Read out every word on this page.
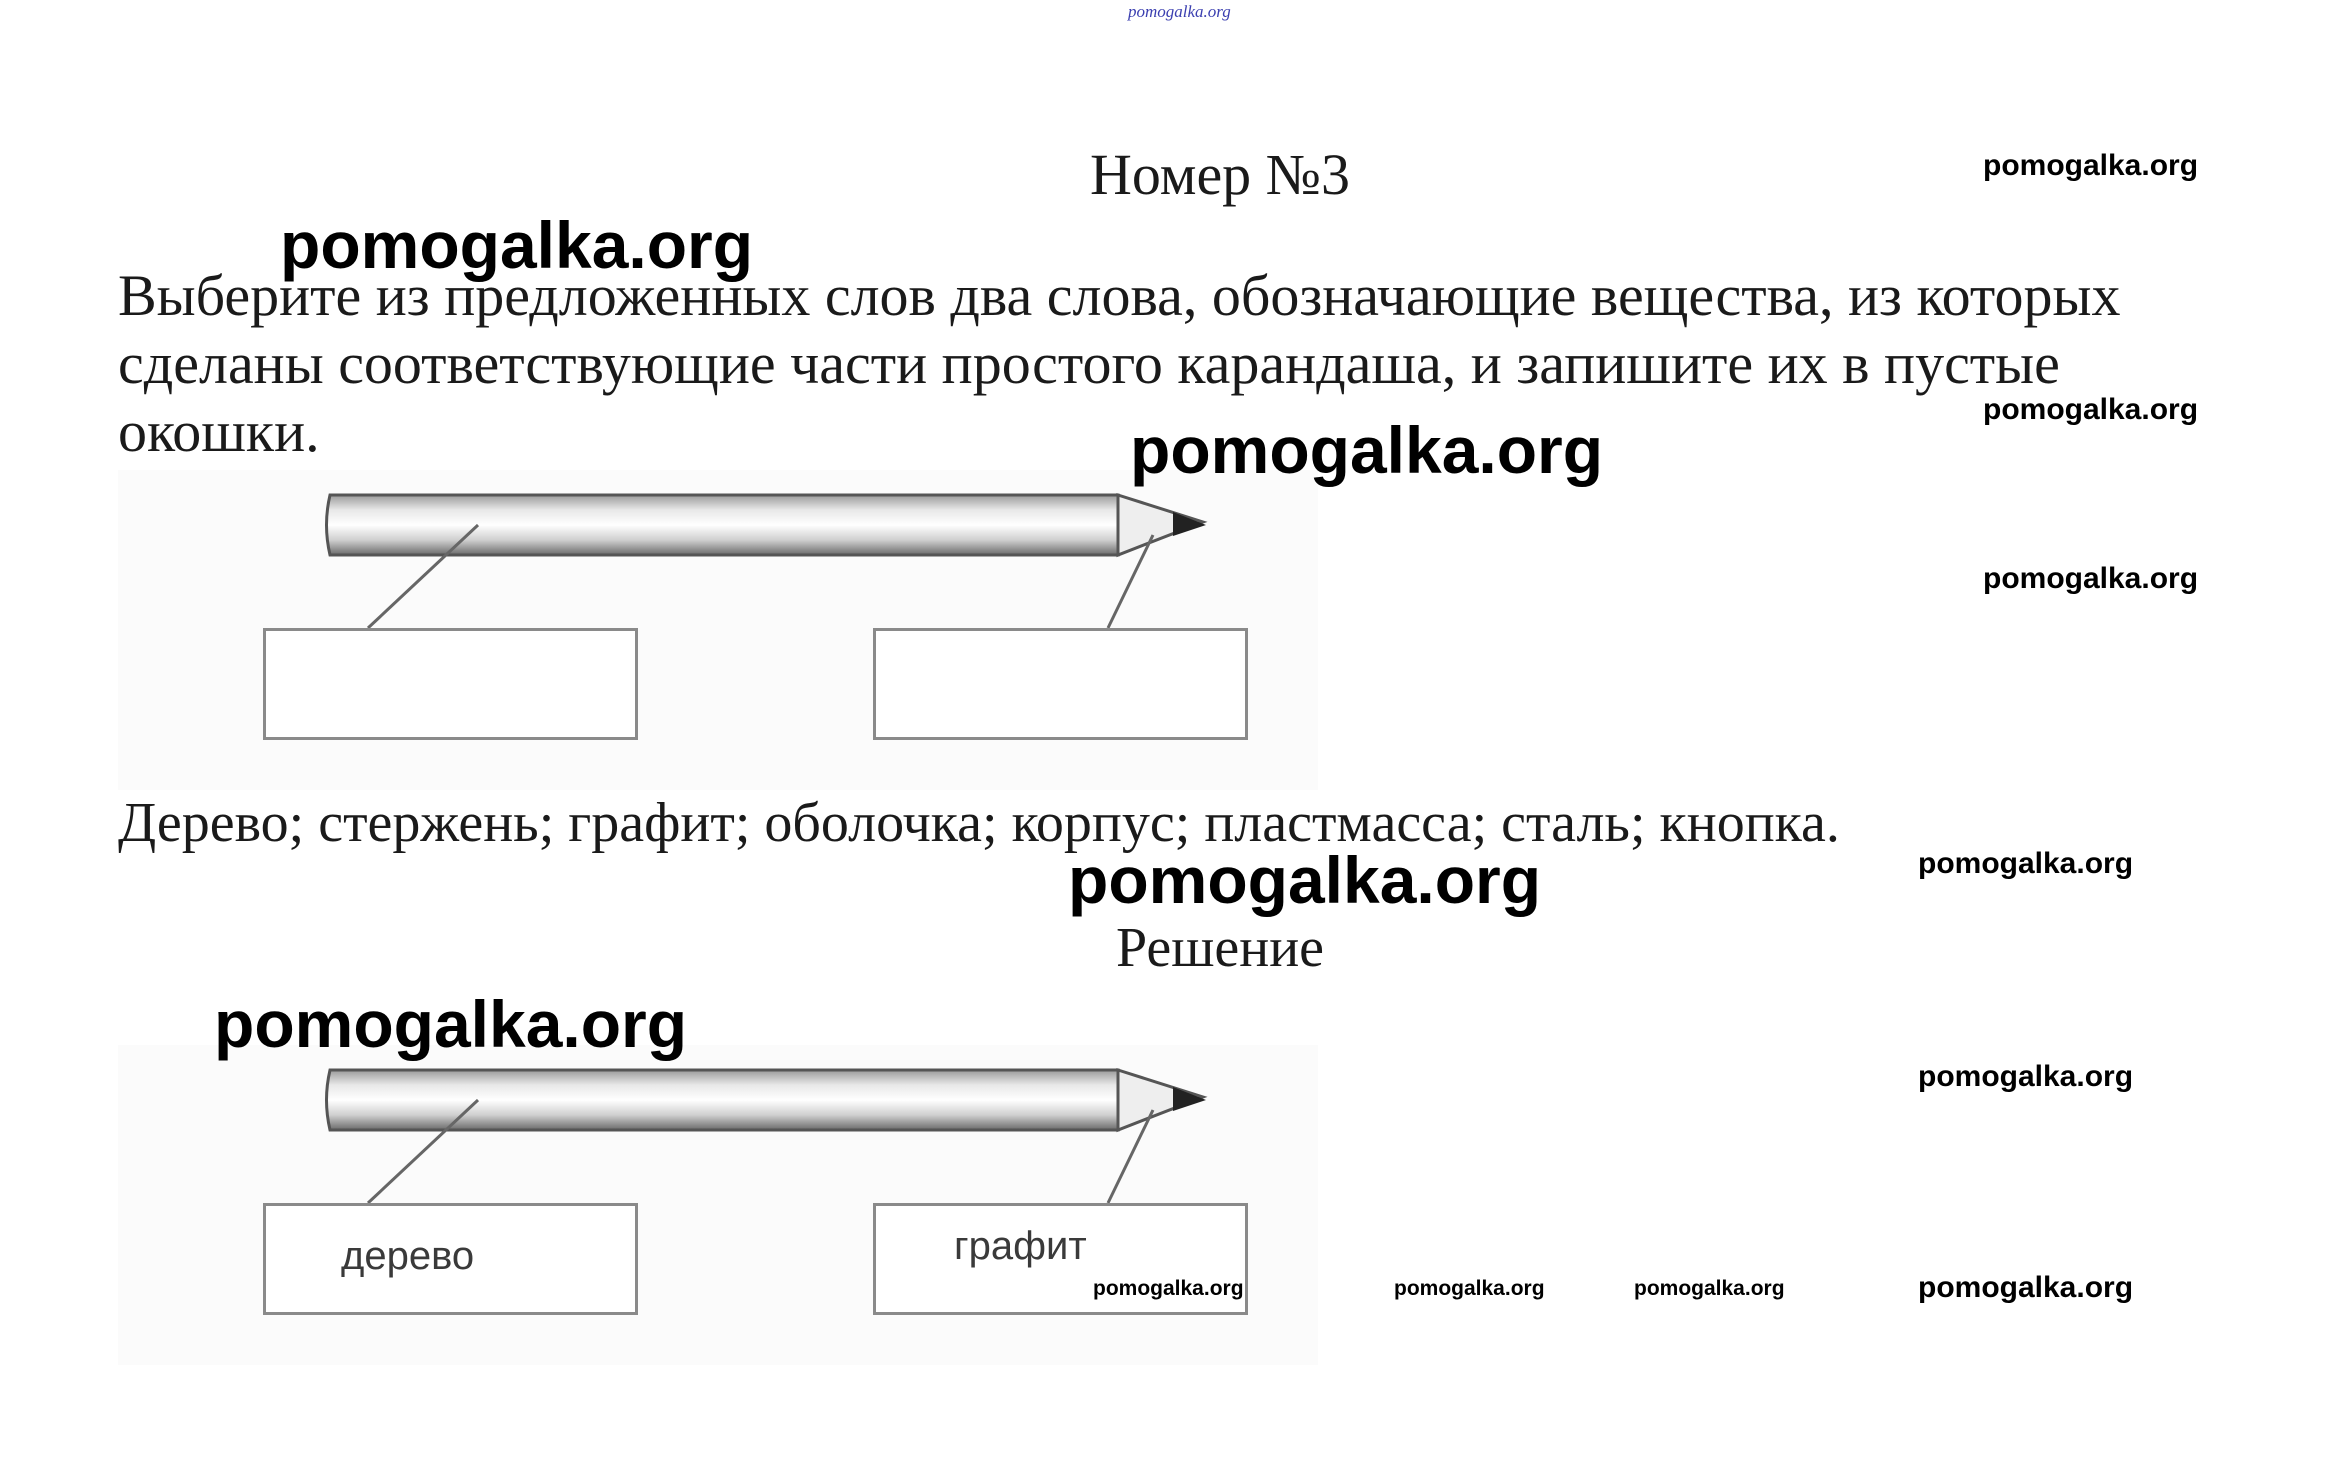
pomogalka.org
Номер №3
Выберите из предложенных слов два слова, обозначающие вещества, из которых сделаны соответствующие части простого карандаша, и запишите их в пустые окошки.
Дерево; стержень; графит; оболочка; корпус; пластмасса; сталь; кнопка.
Решение
дерево	графит
pomogalka.org
pomogalka.org
pomogalka.org
pomogalka.org
pomogalka.org
pomogalka.org
pomogalka.org
pomogalka.org
pomogalka.org
pomogalka.org
pomogalka.org	pomogalka.org	pomogalka.org
